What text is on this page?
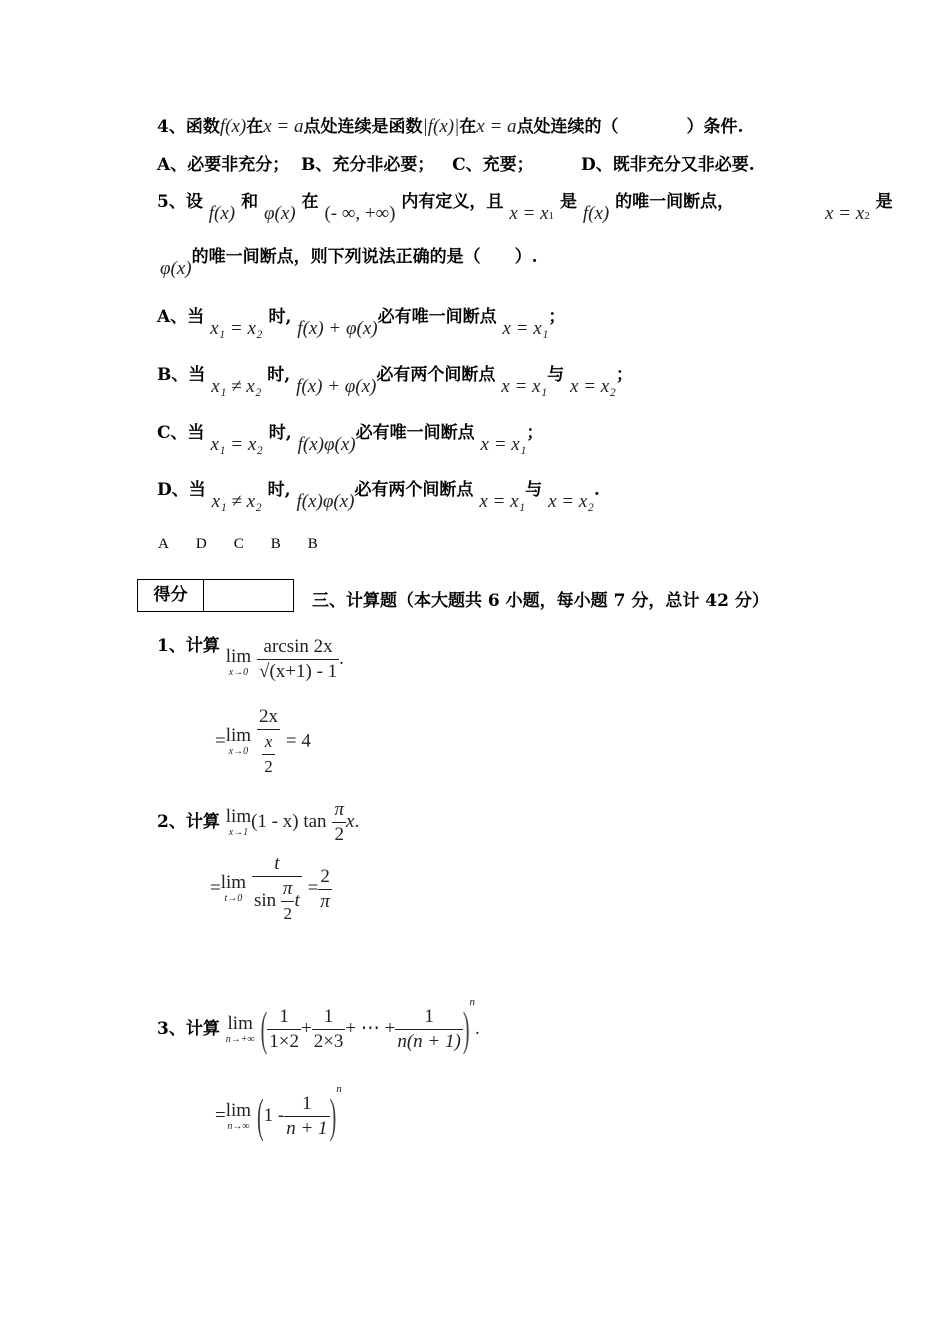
4、函数f(x)在x = a点处连续是函数|f(x)|在x = a点处连续的（　　　　）条件.
A、必要非充分；  B、充分非必要；   C、充要；        D、既非充分又非必要.
5、设 f(x) 和 φ(x) 在 (- ∞, +∞) 内有定义，且 x = x1 是 f(x) 的唯一间断点，
x = x2 是
φ(x)的唯一间断点，则下列说法正确的是（　　）.
A、当 x₁ = x₂ 时, f(x) + φ(x)必有唯一间断点 x = x₁；
B、当 x₁ ≠ x₂ 时, f(x) + φ(x)必有两个间断点 x = x₁与 x = x₂；
C、当 x₁ = x₂ 时, f(x)φ(x)必有唯一间断点 x = x₁；
D、当 x₁ ≠ x₂ 时, f(x)φ(x)必有两个间断点 x = x₁与 x = x₂.
A D C B B
得分	三、计算题（本大题共 6 小题，每小题 7 分，总计 42 分）
1、计算 lim
x→0
$\frac{\arcsin 2x}{√(x+1) - 1}$ .
= lim
x→0
$\frac{2x}{\frac{x}{2}} = 4$
2、计算 lim
x→1 (1 - x) $\tan \frac{\pi}{2} x$.
= lim
t→0
$\frac{t}{\sin \frac{\pi}{2} t} = \frac{2}{\pi}$
3、计算 lim
n→+∞ ( $\frac{1}{1\times 2} + \frac{1}{2\times 3}$ + ⋯ + $\frac{1}{n(n + 1)} )^n$.
= lim
n→∞ $(1 - \frac{1}{n + 1} )^n$
